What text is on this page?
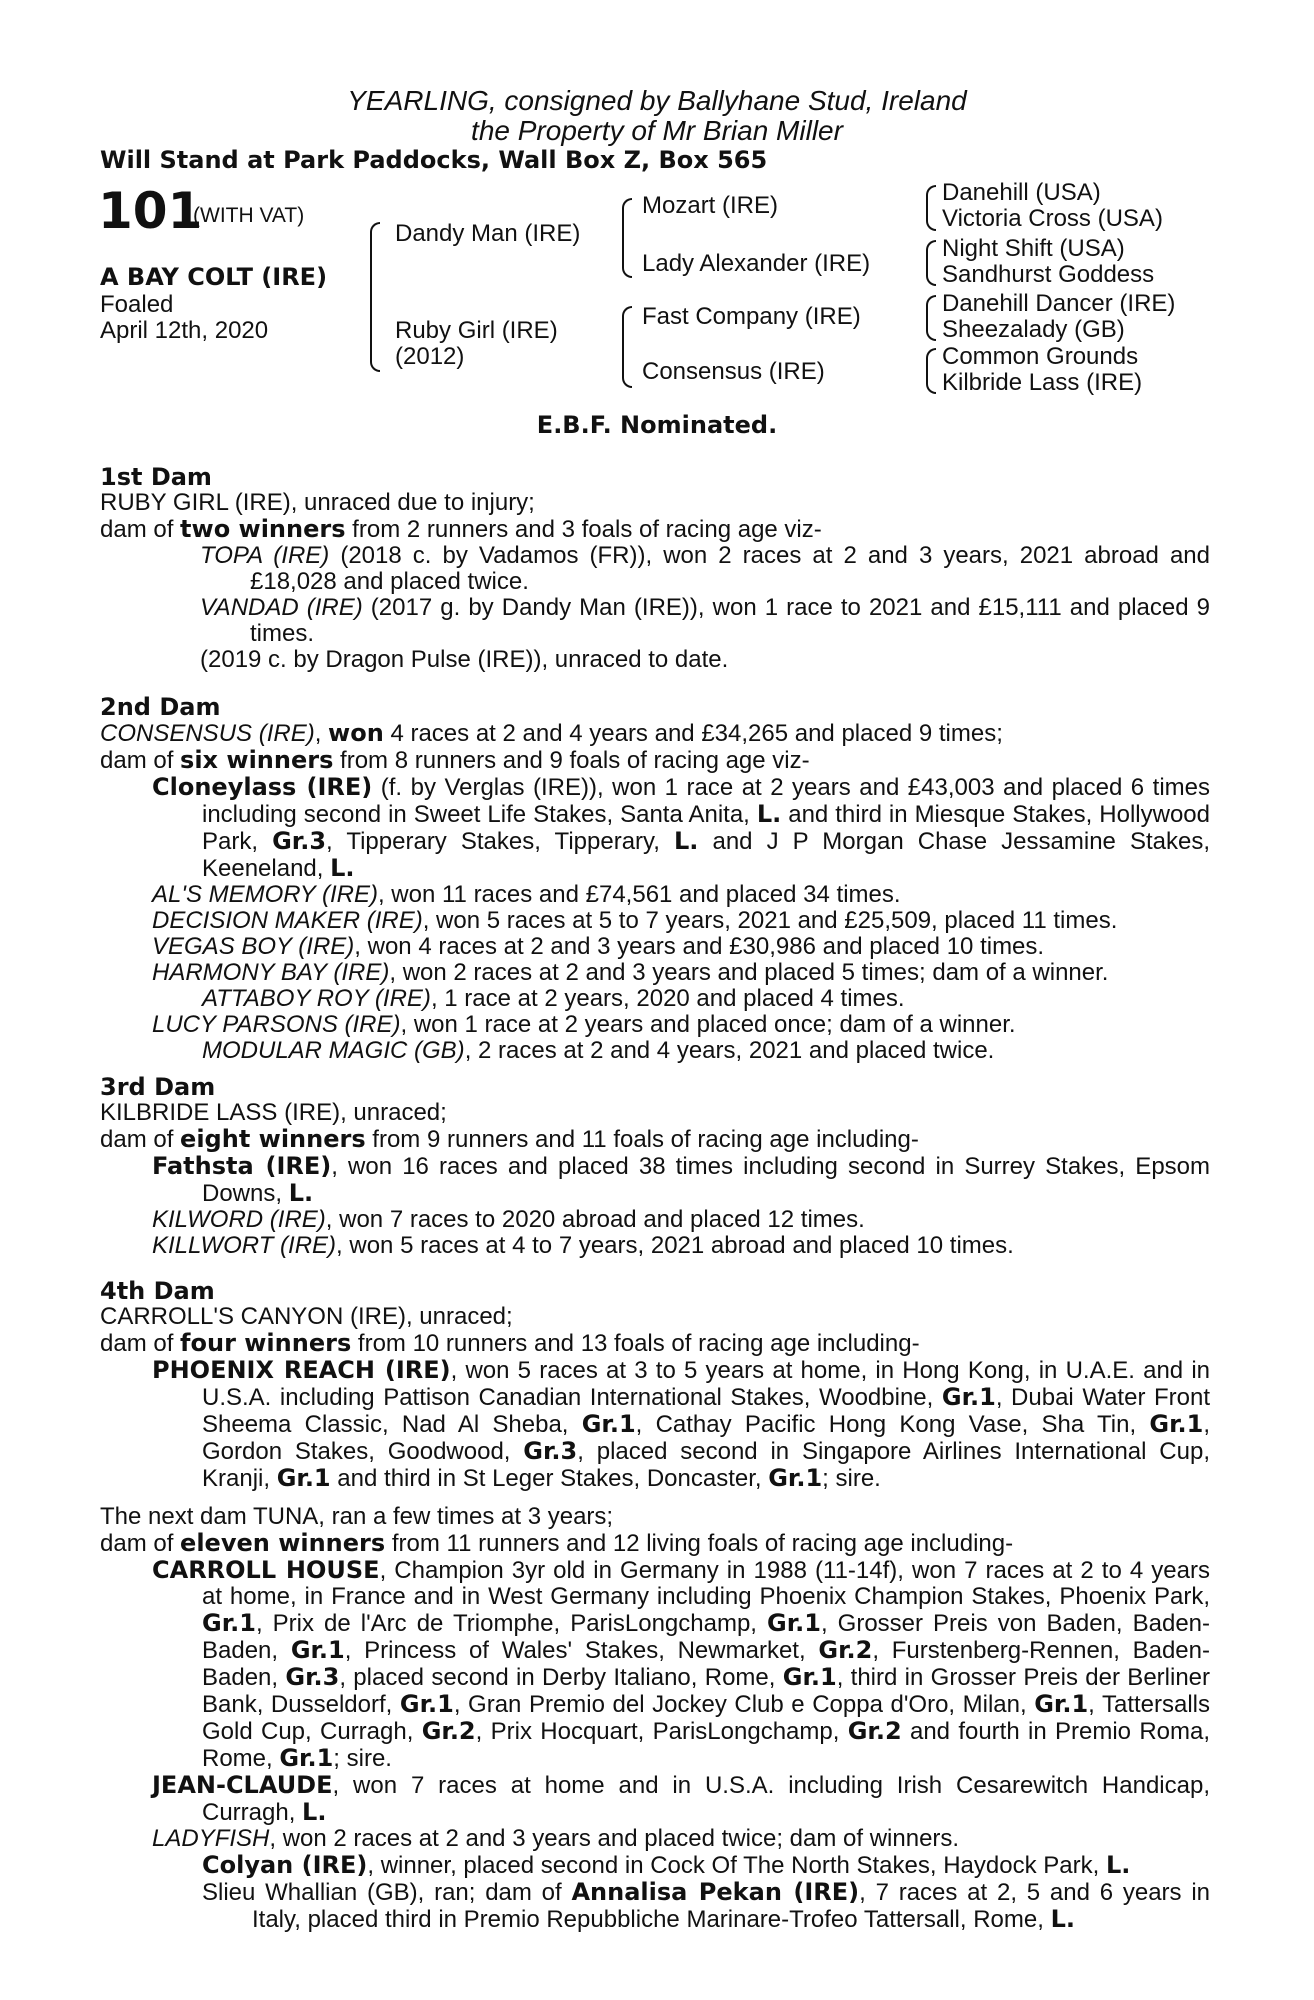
YEARLING, consigned by Ballyhane Stud, Ireland
the Property of Mr Brian Miller
Will Stand at Park Paddocks, Wall Box Z, Box 565
101
(WITH VAT)
A BAY COLT (IRE)
Foaled
April 12th, 2020
Dandy Man (IRE)
Ruby Girl (IRE)
(2012)
Mozart (IRE)
Lady Alexander (IRE)
Fast Company (IRE)
Consensus (IRE)
Danehill (USA)
Victoria Cross (USA)
Night Shift (USA)
Sandhurst Goddess
Danehill Dancer (IRE)
Sheezalady (GB)
Common Grounds
Kilbride Lass (IRE)
E.B.F. Nominated.

1st Dam

RUBY GIRL (IRE), unraced due to injury;

dam of two winners from 2 runners and 3 foals of racing age viz-

TOPA (IRE) (2018 c. by Vadamos (FR)), won 2 races at 2 and 3 years, 2021 abroad and £18,028 and placed twice.

VANDAD (IRE) (2017 g. by Dandy Man (IRE)), won 1 race to 2021 and £15,111 and placed 9 times.

(2019 c. by Dragon Pulse (IRE)), unraced to date.

2nd Dam

CONSENSUS (IRE), won 4 races at 2 and 4 years and £34,265 and placed 9 times;

dam of six winners from 8 runners and 9 foals of racing age viz-

Cloneylass (IRE) (f. by Verglas (IRE)), won 1 race at 2 years and £43,003 and placed 6 times including second in Sweet Life Stakes, Santa Anita, L. and third in Miesque Stakes, Hollywood Park, Gr.3, Tipperary Stakes, Tipperary, L. and J P Morgan Chase Jessamine Stakes, Keeneland, L.

AL'S MEMORY (IRE), won 11 races and £74,561 and placed 34 times.

DECISION MAKER (IRE), won 5 races at 5 to 7 years, 2021 and £25,509, placed 11 times.

VEGAS BOY (IRE), won 4 races at 2 and 3 years and £30,986 and placed 10 times.

HARMONY BAY (IRE), won 2 races at 2 and 3 years and placed 5 times; dam of a winner.

ATTABOY ROY (IRE), 1 race at 2 years, 2020 and placed 4 times.

LUCY PARSONS (IRE), won 1 race at 2 years and placed once; dam of a winner.

MODULAR MAGIC (GB), 2 races at 2 and 4 years, 2021 and placed twice.

3rd Dam

KILBRIDE LASS (IRE), unraced;

dam of eight winners from 9 runners and 11 foals of racing age including-

Fathsta (IRE), won 16 races and placed 38 times including second in Surrey Stakes, Epsom Downs, L.

KILWORD (IRE), won 7 races to 2020 abroad and placed 12 times.

KILLWORT (IRE), won 5 races at 4 to 7 years, 2021 abroad and placed 10 times.

4th Dam

CARROLL'S CANYON (IRE), unraced;

dam of four winners from 10 runners and 13 foals of racing age including-

PHOENIX REACH (IRE), won 5 races at 3 to 5 years at home, in Hong Kong, in U.A.E. and in U.S.A. including Pattison Canadian International Stakes, Woodbine, Gr.1, Dubai Water Front Sheema Classic, Nad Al Sheba, Gr.1, Cathay Pacific Hong Kong Vase, Sha Tin, Gr.1, Gordon Stakes, Goodwood, Gr.3, placed second in Singapore Airlines International Cup, Kranji, Gr.1 and third in St Leger Stakes, Doncaster, Gr.1; sire.

The next dam TUNA, ran a few times at 3 years;

dam of eleven winners from 11 runners and 12 living foals of racing age including-

CARROLL HOUSE, Champion 3yr old in Germany in 1988 (11-14f), won 7 races at 2 to 4 years at home, in France and in West Germany including Phoenix Champion Stakes, Phoenix Park, Gr.1, Prix de l'Arc de Triomphe, ParisLongchamp, Gr.1, Grosser Preis von Baden, Baden-Baden, Gr.1, Princess of Wales' Stakes, Newmarket, Gr.2, Furstenberg-Rennen, Baden-Baden, Gr.3, placed second in Derby Italiano, Rome, Gr.1, third in Grosser Preis der Berliner Bank, Dusseldorf, Gr.1, Gran Premio del Jockey Club e Coppa d'Oro, Milan, Gr.1, Tattersalls Gold Cup, Curragh, Gr.2, Prix Hocquart, ParisLongchamp, Gr.2 and fourth in Premio Roma, Rome, Gr.1; sire.

JEAN-CLAUDE, won 7 races at home and in U.S.A. including Irish Cesarewitch Handicap, Curragh, L.

LADYFISH, won 2 races at 2 and 3 years and placed twice; dam of winners.

Colyan (IRE), winner, placed second in Cock Of The North Stakes, Haydock Park, L.

Slieu Whallian (GB), ran; dam of Annalisa Pekan (IRE), 7 races at 2, 5 and 6 years in Italy, placed third in Premio Repubbliche Marinare-Trofeo Tattersall, Rome, L.
